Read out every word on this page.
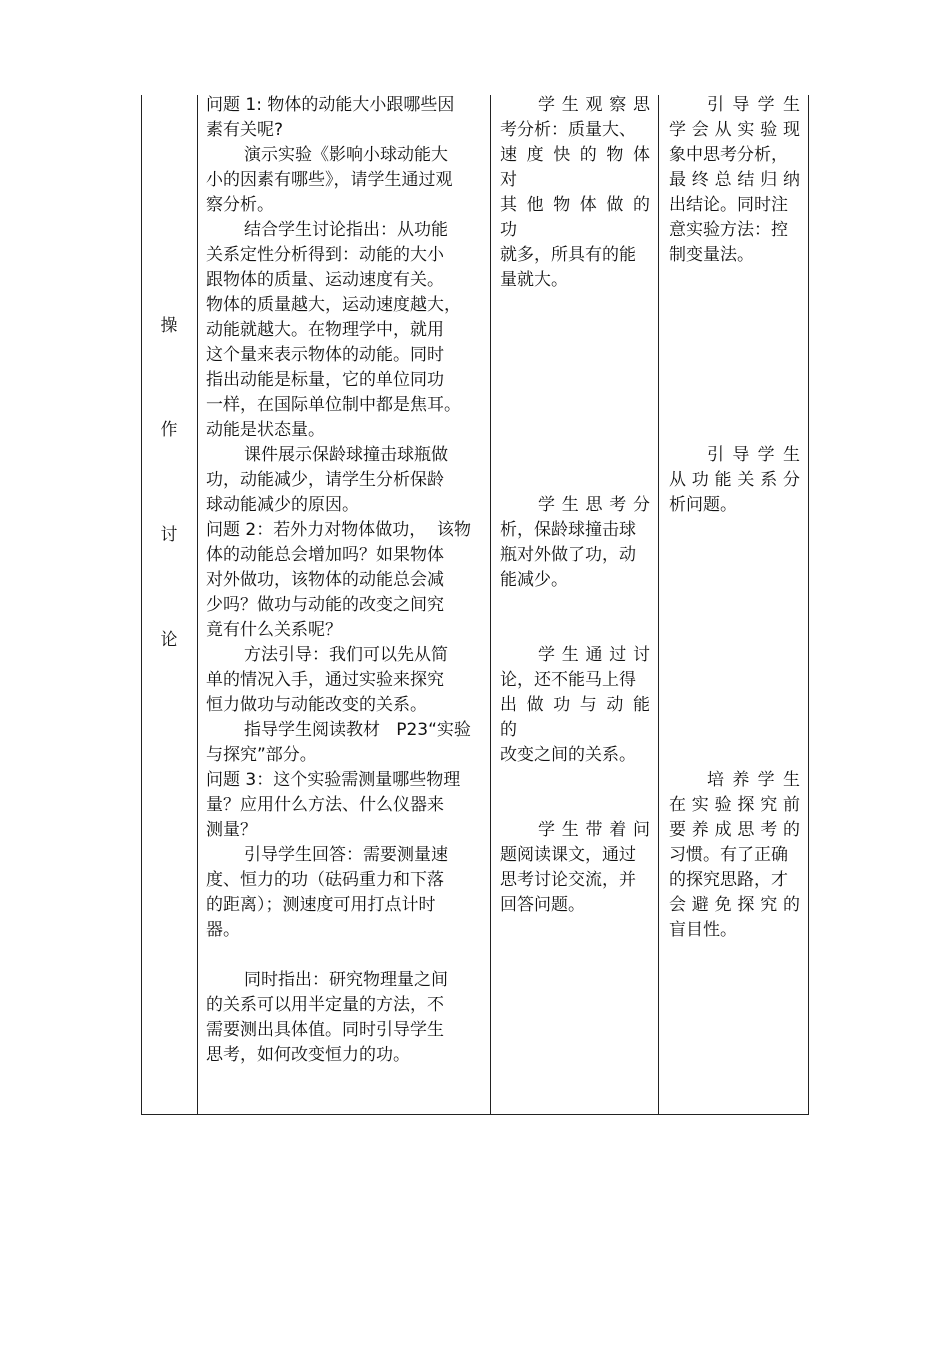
操
作
讨
论

问题 1: 物体的动能大小跟哪些因

素有关呢?

演示实验《影响小球动能大

小的因素有哪些》，请学生通过观

察分析。

结合学生讨论指出：从功能

关系定性分析得到：动能的大小

跟物体的质量、运动速度有关。

物体的质量越大，运动速度越大，

动能就越大。在物理学中，就用

这个量来表示物体的动能。同时

指出动能是标量，它的单位同功

一样，在国际单位制中都是焦耳。

动能是状态量。

课件展示保龄球撞击球瓶做

功，动能减少，请学生分析保龄

球动能减少的原因。

问题 2：若外力对物体做功，  该物

体的动能总会增加吗？如果物体

对外做功，该物体的动能总会减

少吗？做功与动能的改变之间究

竟有什么关系呢？

方法引导：我们可以先从简

单的情况入手，通过实验来探究

恒力做功与动能改变的关系。

指导学生阅读教材   P23“实验

与探究”部分。

问题 3：这个实验需测量哪些物理

量？应用什么方法、什么仪器来

测量？

引导学生回答：需要测量速

度、恒力的功（砝码重力和下落

的距离）；测速度可用打点计时

器。

同时指出：研究物理量之间

的关系可以用半定量的方法，不

需要测出具体值。同时引导学生

思考，如何改变恒力的功。

学 生 观 察 思

考分析：质量大、

速 度 快 的 物 体 对

其 他 物 体 做 的 功

就多，所具有的能

量就大。

学 生 思 考 分

析，保龄球撞击球

瓶对外做了功，动

能减少。

学 生 通 过 讨

论，还不能马上得

出 做 功 与 动 能 的

改变之间的关系。

学 生 带 着 问

题阅读课文，通过

思考讨论交流，并

回答问题。

引 导 学 生

学 会 从 实 验 现

象中思考分析，

最 终 总 结 归 纳

出结论。同时注

意实验方法：控

制变量法。

引 导 学 生

从 功 能 关 系 分

析问题。

培 养 学 生

在 实 验 探 究 前

要 养 成 思 考 的

习惯。有了正确

的探究思路，才

会 避 免 探 究 的

盲目性。
